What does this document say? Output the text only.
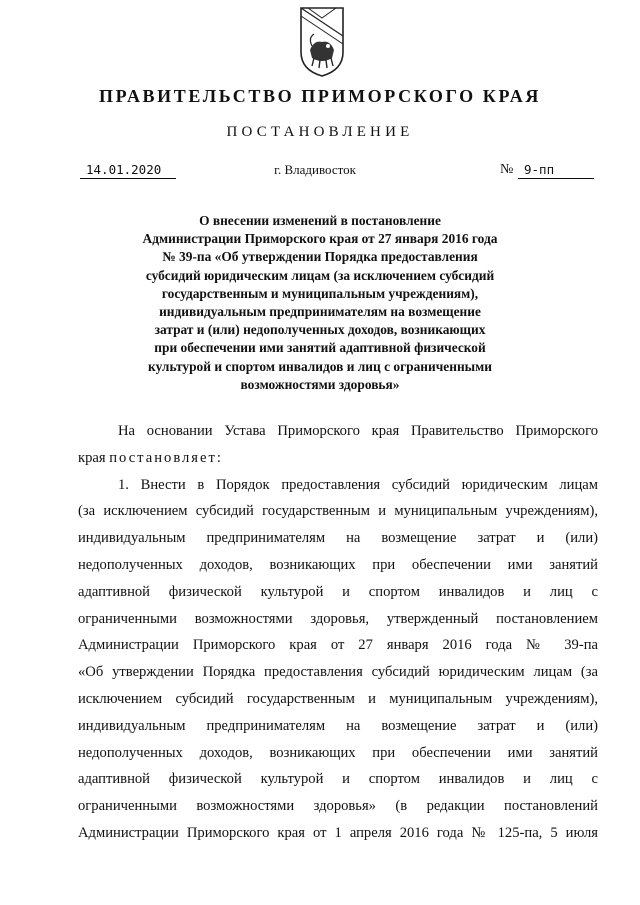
ПРАВИТЕЛЬСТВО ПРИМОРСКОГО КРАЯ
ПОСТАНОВЛЕНИЕ
14.01.2020	г. Владивосток	№ 9-пп
О внесении изменений в постановление
Администрации Приморского края от 27 января 2016 года
№ 39-па «Об утверждении Порядка предоставления
субсидий юридическим лицам (за исключением субсидий
государственным и муниципальным учреждениям),
индивидуальным предпринимателям на возмещение
затрат и (или) недополученных доходов, возникающих
при обеспечении ими занятий адаптивной физической
культурой и спортом инвалидов и лиц с ограниченными
возможностями здоровья»
На основании Устава Приморского края Правительство Приморского
края постановляет:
1. Внести в Порядок предоставления субсидий юридическим лицам
(за исключением субсидий государственным и муниципальным учреждениям),
индивидуальным предпринимателям на возмещение затрат и (или)
недополученных доходов, возникающих при обеспечении ими занятий
адаптивной физической культурой и спортом инвалидов и лиц с
ограниченными возможностями здоровья, утвержденный постановлением
Администрации Приморского края от 27 января 2016 года № 39-па
«Об утверждении Порядка предоставления субсидий юридическим лицам (за
исключением субсидий государственным и муниципальным учреждениям),
индивидуальным предпринимателям на возмещение затрат и (или)
недополученных доходов, возникающих при обеспечении ими занятий
адаптивной физической культурой и спортом инвалидов и лиц с
ограниченными возможностями здоровья» (в редакции постановлений
Администрации Приморского края от 1 апреля 2016 года № 125-па, 5 июля
